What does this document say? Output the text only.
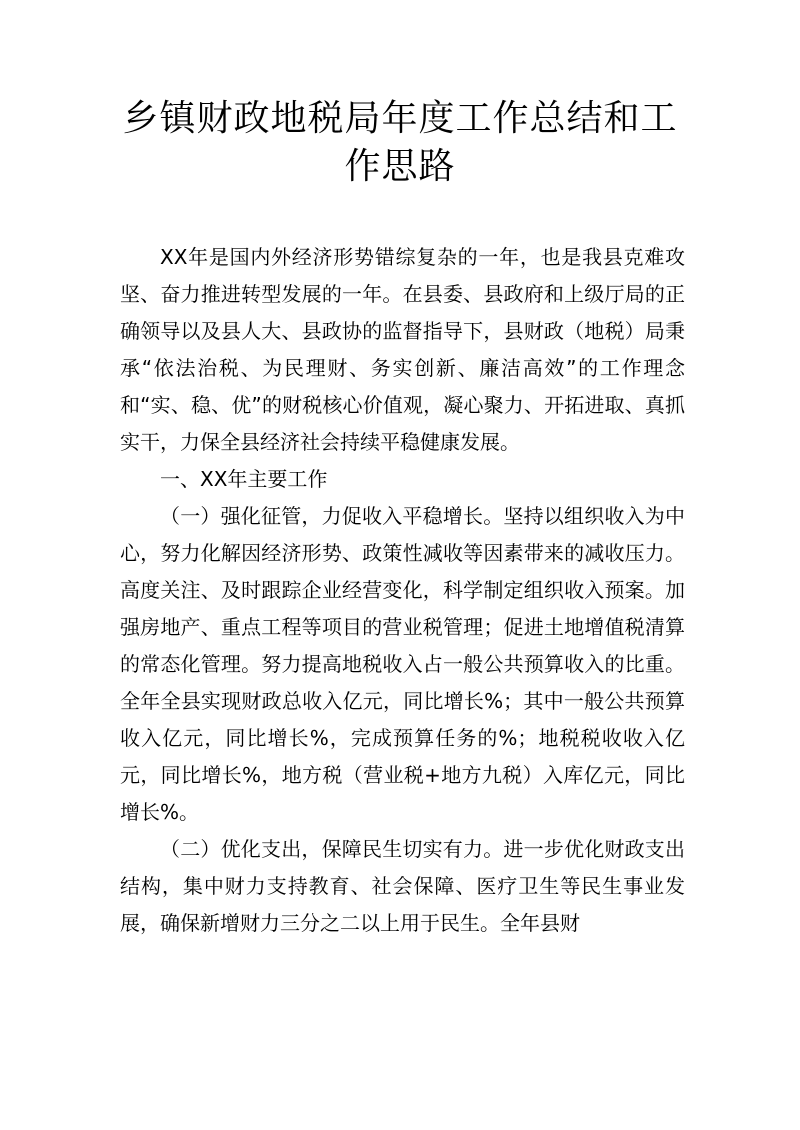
乡镇财政地税局年度工作总结和工作思路

XX年是国内外经济形势错综复杂的一年，也是我县克难攻坚、奋力推进转型发展的一年。在县委、县政府和上级厅局的正确领导以及县人大、县政协的监督指导下，县财政（地税）局秉承“依法治税、为民理财、务实创新、廉洁高效”的工作理念和“实、稳、优”的财税核心价值观，凝心聚力、开拓进取、真抓实干，力保全县经济社会持续平稳健康发展。

一、XX年主要工作

（一）强化征管，力促收入平稳增长。坚持以组织收入为中心，努力化解因经济形势、政策性减收等因素带来的减收压力。高度关注、及时跟踪企业经营变化，科学制定组织收入预案。加强房地产、重点工程等项目的营业税管理；促进土地增值税清算的常态化管理。努力提高地税收入占一般公共预算收入的比重。全年全县实现财政总收入亿元，同比增长%；其中一般公共预算收入亿元，同比增长%，完成预算任务的%；地税税收收入亿元，同比增长%，地方税（营业税+地方九税）入库亿元，同比增长%。

（二）优化支出，保障民生切实有力。进一步优化财政支出结构，集中财力支持教育、社会保障、医疗卫生等民生事业发展，确保新增财力三分之二以上用于民生。全年县财
